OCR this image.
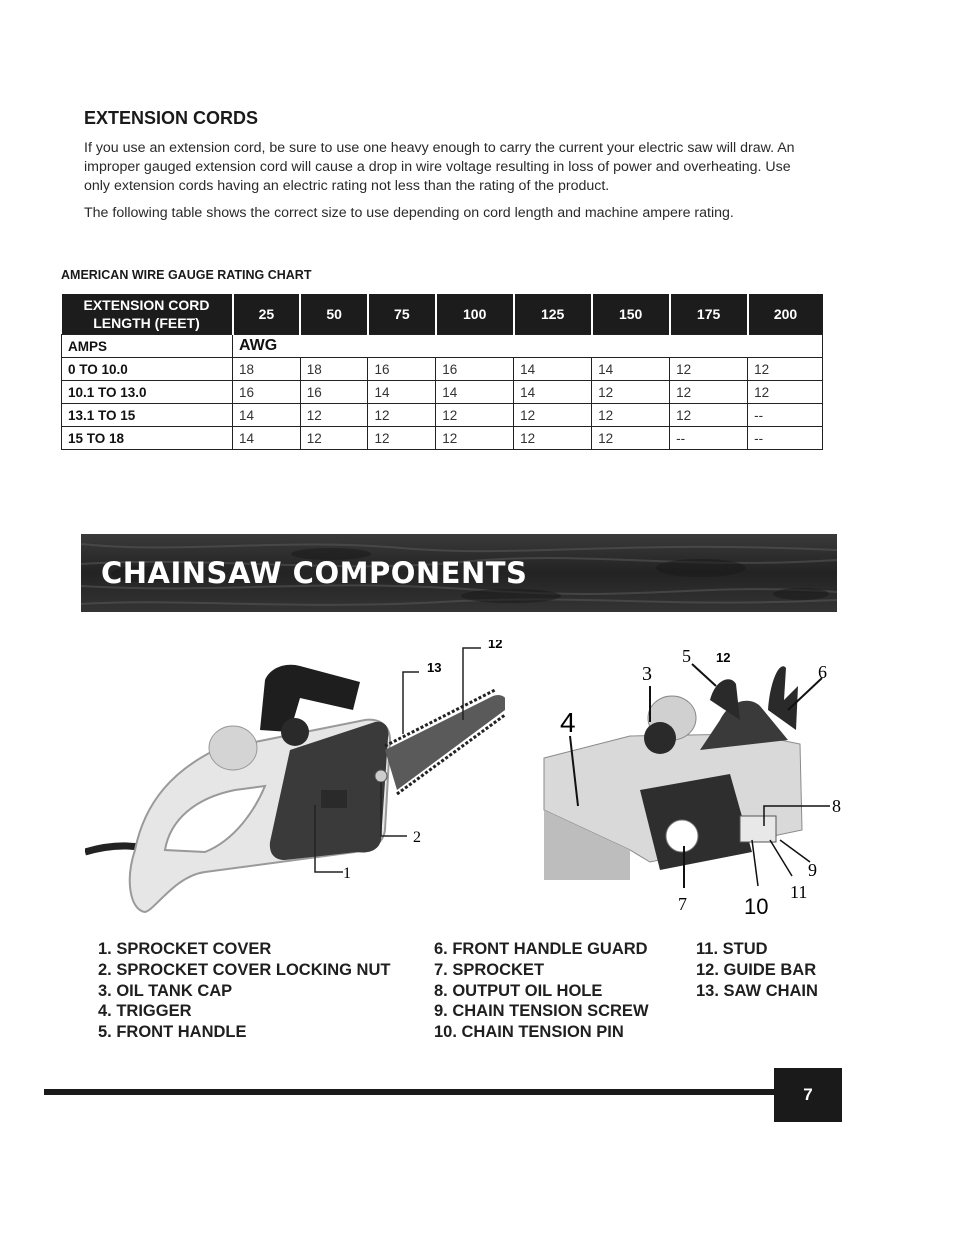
EXTENSION CORDS
If you use an extension cord, be sure to use one heavy enough to carry the current your electric saw will draw. An improper gauged extension cord will cause a drop in wire voltage resulting in loss of power and overheating. Use only extension cords having an electric rating not less than the rating of the product.
The following table shows the correct size to use depending on cord length and machine ampere rating.
AMERICAN WIRE GAUGE RATING CHART
EXTENSION CORD
LENGTH (FEET)	25	50	75	100	125	150	175	200
AMPS	AWG							
0 TO 10.0	18	18	16	16	14	14	12	12
10.1 TO 13.0	16	16	14	14	14	12	12	12
13.1 TO 15	14	12	12	12	12	12	12	--
15 TO 18	14	12	12	12	12	12	--	--
CHAINSAW COMPONENTS
1
2
12
13	3
4
5
6
7
8
9
10
11
12
1. SPROCKET COVER
2. SPROCKET COVER LOCKING NUT
3. OIL TANK CAP
4. TRIGGER
5. FRONT HANDLE
6. FRONT HANDLE GUARD
7. SPROCKET
8. OUTPUT OIL HOLE
9. CHAIN TENSION SCREW
10. CHAIN TENSION PIN
11. STUD
12. GUIDE BAR
13. SAW CHAIN
7
